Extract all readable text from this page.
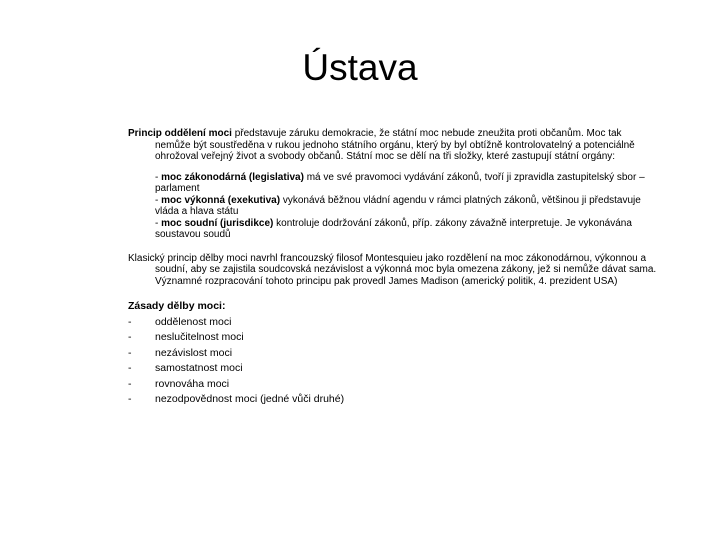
Ústava

Princip oddělení moci představuje záruku demokracie, že státní moc nebude zneužita proti občanům. Moc tak nemůže být soustředěna v rukou jednoho státního orgánu, který by byl obtížně kontrolovatelný a potenciálně ohrožoval veřejný život a svobody občanů. Státní moc se dělí na tři složky, které zastupují státní orgány:

- moc zákonodárná (legislativa) má ve své pravomoci vydávání zákonů, tvoří ji zpravidla zastupitelský sbor – parlament

- moc výkonná (exekutiva) vykonává běžnou vládní agendu v rámci platných zákonů, většinou ji představuje vláda a hlava státu

- moc soudní (jurisdikce) kontroluje dodržování zákonů, příp. zákony závažně interpretuje. Je vykonávána soustavou soudů

Klasický princip dělby moci navrhl francouzský filosof Montesquieu jako rozdělení na moc zákonodárnou, výkonnou a soudní, aby se zajistila soudcovská nezávislost a výkonná moc byla omezena zákony, jež si nemůže dávat sama. Významné rozpracování tohoto principu pak provedl James Madison (americký politik, 4. prezident USA)

Zásady dělby moci:
-	oddělenost moci
-	neslučitelnost moci
-	nezávislost moci
-	samostatnost moci
-	rovnováha moci
-	nezodpovědnost moci (jedné vůči druhé)
